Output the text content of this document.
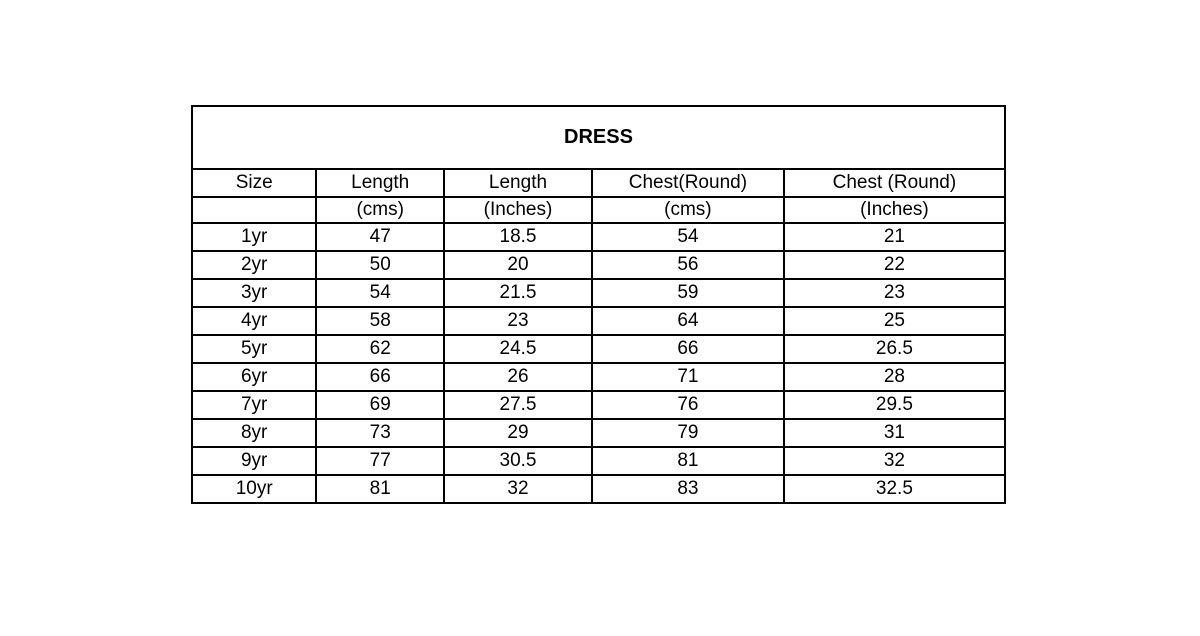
DRESS				
Size	Length	Length	Chest(Round)	Chest (Round)
	(cms)	(Inches)	(cms)	(Inches)
1yr	47	18.5	54	21
2yr	50	20	56	22
3yr	54	21.5	59	23
4yr	58	23	64	25
5yr	62	24.5	66	26.5
6yr	66	26	71	28
7yr	69	27.5	76	29.5
8yr	73	29	79	31
9yr	77	30.5	81	32
10yr	81	32	83	32.5
